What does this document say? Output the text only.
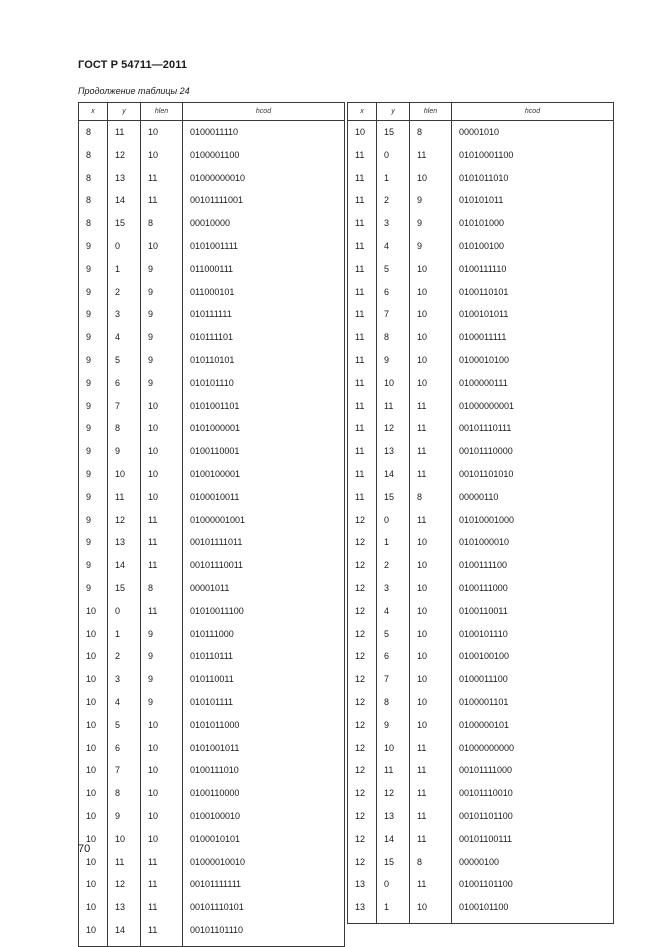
ГОСТ Р 54711—2011
Продолжение таблицы 24
x	y	hlen	hcod

8	11	10	0100011110
8	12	10	0100001100
8	13	11	01000000010
8	14	11	00101111001
8	15	8	00010000
9	0	10	0101001111
9	1	9	011000111
9	2	9	011000101
9	3	9	010111111
9	4	9	010111101
9	5	9	010110101
9	6	9	010101110
9	7	10	0101001101
9	8	10	0101000001
9	9	10	0100110001
9	10	10	0100100001
9	11	10	0100010011
9	12	11	01000001001
9	13	11	00101111011
9	14	11	00101110011
9	15	8	00001011
10	0	11	01010011100
10	1	9	010111000
10	2	9	010110111
10	3	9	010110011
10	4	9	010101111
10	5	10	0101011000
10	6	10	0101001011
10	7	10	0100111010
10	8	10	0100110000
10	9	10	0100100010
10	10	10	0100010101
10	11	11	01000010010
10	12	11	00101111111
10	13	11	00101110101
10	14	11	00101101110
x	y	hlen	hcod

10	15	8	00001010
11	0	11	01010001100
11	1	10	0101011010
11	2	9	010101011
11	3	9	010101000
11	4	9	010100100
11	5	10	0100111110
11	6	10	0100110101
11	7	10	0100101011
11	8	10	0100011111
11	9	10	0100010100
11	10	10	0100000111
11	11	11	01000000001
11	12	11	00101110111
11	13	11	00101110000
11	14	11	00101101010
11	15	8	00000110
12	0	11	01010001000
12	1	10	0101000010
12	2	10	0100111100
12	3	10	0100111000
12	4	10	0100110011
12	5	10	0100101110
12	6	10	0100100100
12	7	10	0100011100
12	8	10	0100001101
12	9	10	0100000101
12	10	11	01000000000
12	11	11	00101111000
12	12	11	00101110010
12	13	11	00101101100
12	14	11	00101100111
12	15	8	00000100
13	0	11	01001101100
13	1	10	0100101100
70
